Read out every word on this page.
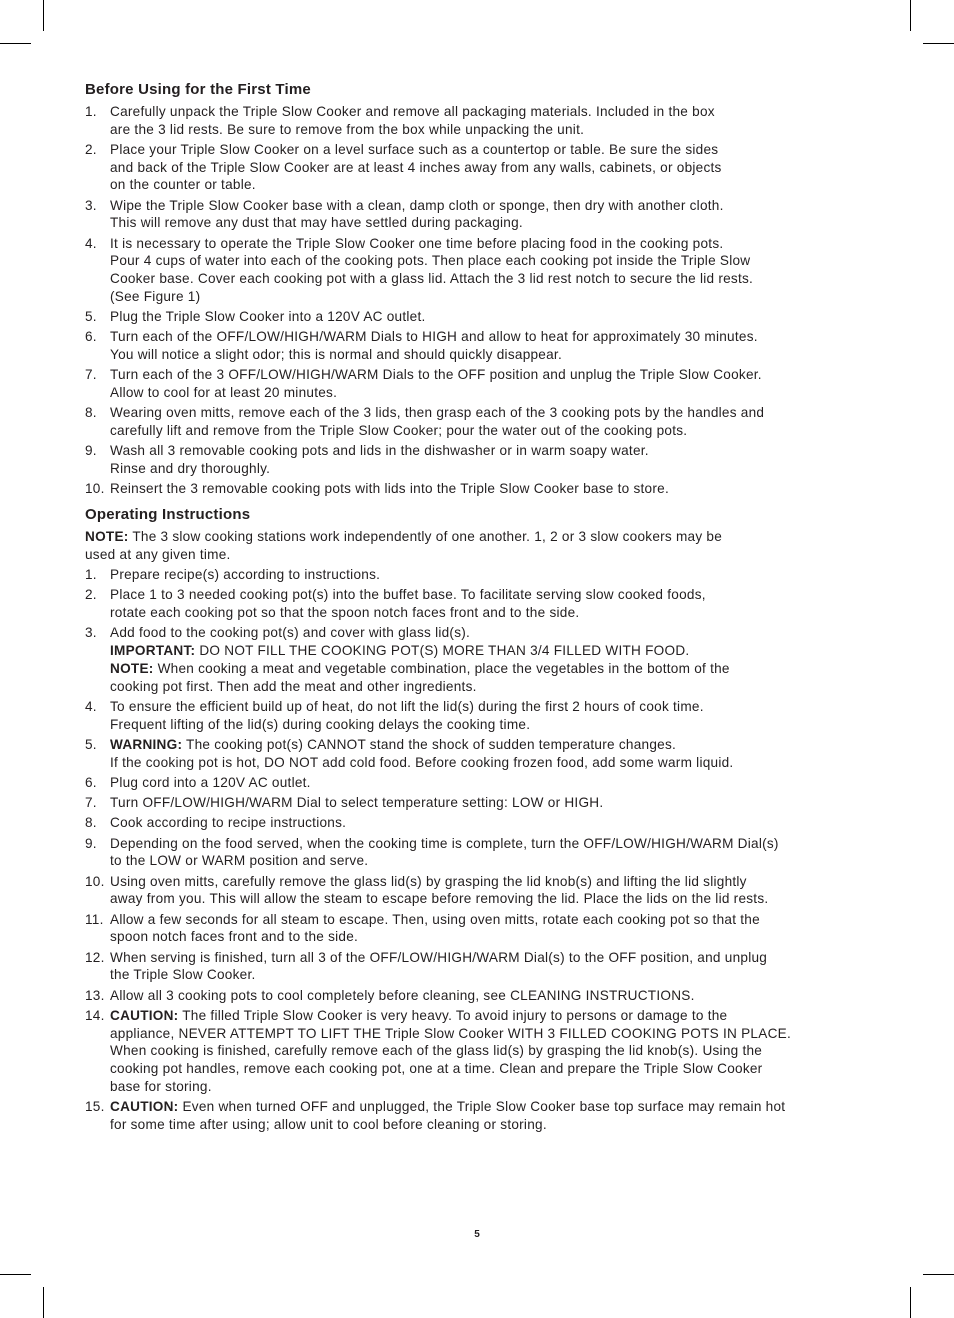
Before Using for the First Time
1. Carefully unpack the Triple Slow Cooker and remove all packaging materials. Included in the box
are the 3 lid rests. Be sure to remove from the box while unpacking the unit.
2. Place your Triple Slow Cooker on a level surface such as a countertop or table. Be sure the sides
and back of the Triple Slow Cooker are at least 4 inches away from any walls, cabinets, or objects
on the counter or table.
3. Wipe the Triple Slow Cooker base with a clean, damp cloth or sponge, then dry with another cloth.
This will remove any dust that may have settled during packaging.
4. It is necessary to operate the Triple Slow Cooker one time before placing food in the cooking pots.
Pour 4 cups of water into each of the cooking pots. Then place each cooking pot inside the Triple Slow
Cooker base. Cover each cooking pot with a glass lid. Attach the 3 lid rest notch to secure the lid rests.
(See Figure 1)
5. Plug the Triple Slow Cooker into a 120V AC outlet.
6. Turn each of the OFF/LOW/HIGH/WARM Dials to HIGH and allow to heat for approximately 30 minutes.
You will notice a slight odor; this is normal and should quickly disappear.
7. Turn each of the 3 OFF/LOW/HIGH/WARM Dials to the OFF position and unplug the Triple Slow Cooker.
Allow to cool for at least 20 minutes.
8. Wearing oven mitts, remove each of the 3 lids, then grasp each of the 3 cooking pots by the handles and
carefully lift and remove from the Triple Slow Cooker; pour the water out of the cooking pots.
9. Wash all 3 removable cooking pots and lids in the dishwasher or in warm soapy water.
Rinse and dry thoroughly.
10. Reinsert the 3 removable cooking pots with lids into the Triple Slow Cooker base to store.
Operating Instructions
NOTE: The 3 slow cooking stations work independently of one another. 1, 2 or 3 slow cookers may be
used at any given time.
1. Prepare recipe(s) according to instructions.
2. Place 1 to 3 needed cooking pot(s) into the buffet base. To facilitate serving slow cooked foods,
rotate each cooking pot so that the spoon notch faces front and to the side.
3. Add food to the cooking pot(s) and cover with glass lid(s).
IMPORTANT: DO NOT FILL THE COOKING POT(S) MORE THAN 3/4 FILLED WITH FOOD.
NOTE: When cooking a meat and vegetable combination, place the vegetables in the bottom of the
cooking pot first. Then add the meat and other ingredients.
4. To ensure the efficient build up of heat, do not lift the lid(s) during the first 2 hours of cook time.
Frequent lifting of the lid(s) during cooking delays the cooking time.
5. WARNING: The cooking pot(s) CANNOT stand the shock of sudden temperature changes.
If the cooking pot is hot, DO NOT add cold food. Before cooking frozen food, add some warm liquid.
6. Plug cord into a 120V AC outlet.
7. Turn OFF/LOW/HIGH/WARM Dial to select temperature setting: LOW or HIGH.
8. Cook according to recipe instructions.
9. Depending on the food served, when the cooking time is complete, turn the OFF/LOW/HIGH/WARM Dial(s)
to the LOW or WARM position and serve.
10. Using oven mitts, carefully remove the glass lid(s) by grasping the lid knob(s) and lifting the lid slightly
away from you. This will allow the steam to escape before removing the lid. Place the lids on the lid rests.
11. Allow a few seconds for all steam to escape. Then, using oven mitts, rotate each cooking pot so that the
spoon notch faces front and to the side.
12. When serving is finished, turn all 3 of the OFF/LOW/HIGH/WARM Dial(s) to the OFF position, and unplug
the Triple Slow Cooker.
13. Allow all 3 cooking pots to cool completely before cleaning, see CLEANING INSTRUCTIONS.
14. CAUTION: The filled Triple Slow Cooker is very heavy. To avoid injury to persons or damage to the
appliance, NEVER ATTEMPT TO LIFT THE Triple Slow Cooker WITH 3 FILLED COOKING POTS IN PLACE.
When cooking is finished, carefully remove each of the glass lid(s) by grasping the lid knob(s). Using the
cooking pot handles, remove each cooking pot, one at a time. Clean and prepare the Triple Slow Cooker
base for storing.
15. CAUTION: Even when turned OFF and unplugged, the Triple Slow Cooker base top surface may remain hot
for some time after using; allow unit to cool before cleaning or storing.
5
